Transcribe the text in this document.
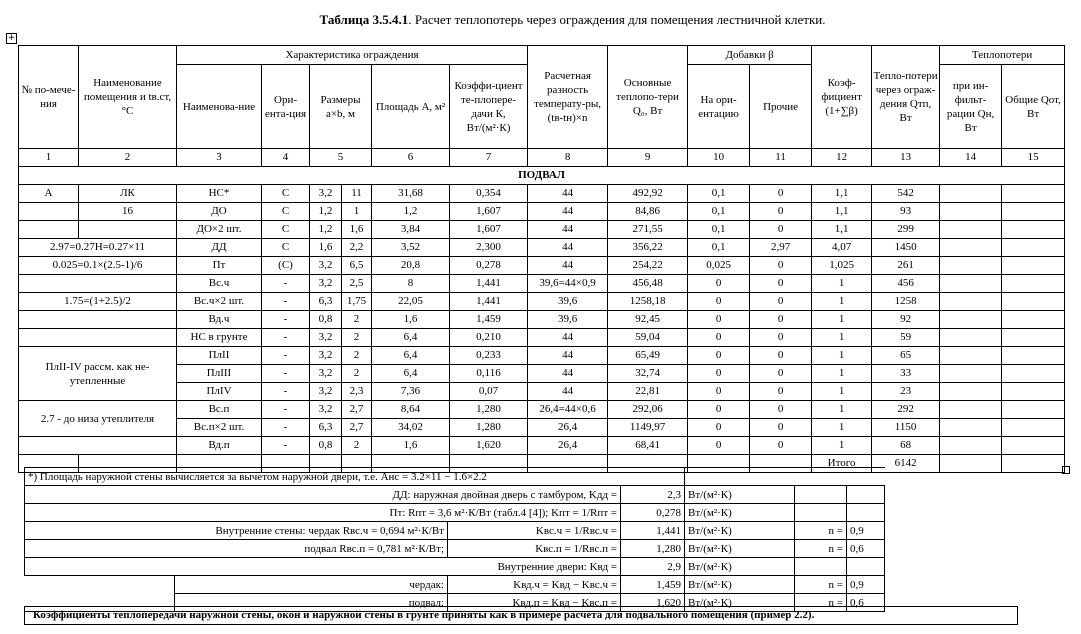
Таблица 3.5.4.1. Расчет теплопотерь через ограждения для помещения лестничной клетки.
+
№ по-мече-ния	Наименование помещения и tв.ст, °С	Характеристика ограждения						Расчетная разность температу-ры, (tв-tн)×n	Основные теплопо-тери Q₀, Вт	Добавки β		Коэф-фициент (1+∑β)	Тепло-потери через ограж-дения Qтп, Вт	Теплопотери	
		Наименова-ние	Ори-ента-ция	Размеры a×b, м		Площадь A, м²	Коэффи-циент те-плопере-дачи К, Вт/(м²·К)			На ори-ентацию	Прочие			при ин-фильт-рации Qн, Вт	Общие Qот, Вт
1	2	3	4	5		6	7	8	9	10	11	12	13	14	15
ПОДВАЛ															
А	ЛК	НС*	С	3,2	11	31,68	0,354	44	492,92	0,1	0	1,1	542		
	16	ДО	С	1,2	1	1,2	1,607	44	84,86	0,1	0	1,1	93		
		ДО×2 шт.	С	1,2	1,6	3,84	1,607	44	271,55	0,1	0	1,1	299		
2.97=0.27H=0.27×11		ДД	С	1,6	2,2	3,52	2,300	44	356,22	0,1	2,97	4,07	1450		
0.025=0.1×(2.5-1)/6		Пт	(С)	3,2	6,5	20,8	0,278	44	254,22	0,025	0	1,025	261		
		Вс.ч	-	3,2	2,5	8	1,441	39,6=44×0,9	456,48	0	0	1	456		
1.75=(1+2.5)/2		Вс.ч×2 шт.	-	6,3	1,75	22,05	1,441	39,6	1258,18	0	0	1	1258		
		Вд.ч	-	0,8	2	1,6	1,459	39,6	92,45	0	0	1	92		
		НС в грунте	-	3,2	2	6,4	0,210	44	59,04	0	0	1	59		
ПлII-IV рассм. как не-утепленные		ПлII	-	3,2	2	6,4	0,233	44	65,49	0	0	1	65		
		ПлIII	-	3,2	2	6,4	0,116	44	32,74	0	0	1	33		
		ПлIV	-	3,2	2,3	7,36	0,07	44	22,81	0	0	1	23		
2.7 - до низа утеплителя		Вс.п	-	3,2	2,7	8,64	1,280	26,4=44×0,6	292,06	0	0	1	292		
		Вс.п×2 шт.	-	6,3	2,7	34,02	1,280	26,4	1149,97	0	0	1	1150		
		Вд.п	-	0,8	2	1,6	1,620	26,4	68,41	0	0	1	68		
												Итого	6142		
*) Площадь наружной стены вычисляется за вычетом наружной двери, т.е. Aнс = 3.2×11 − 1.6×2.2						
ДД: наружная двойная дверь с тамбуром, Kдд =			2,3	Вт/(м²·К)		
Пт: Rпт = 3,6 м²·К/Вт (табл.4 [4]); Kпт = 1/Rпт =			0,278	Вт/(м²·К)		
Внутренние стены: чердак Rвс.ч = 0,694 м²·К/Вт		Kвс.ч = 1/Rвс.ч =	1,441	Вт/(м²·К)	n =	0,9
подвал Rвс.п = 0,781 м²·К/Вт;		Kвс.п = 1/Rвс.п =	1,280	Вт/(м²·К)	n =	0,6
Внутренние двери: Kвд =			2,9	Вт/(м²·К)		
	чердак:	Kвд.ч = Kвд − Kвс.ч =	1,459	Вт/(м²·К)	n =	0,9
	подвал:	Kвд.п = Kвд − Kвс.п =	1,620	Вт/(м²·К)	n =	0,6
Коэффициенты теплопередачи наружной стены, окон и наружной стены в грунте приняты как в примере расчета для подвального помещения (пример 2.2).
